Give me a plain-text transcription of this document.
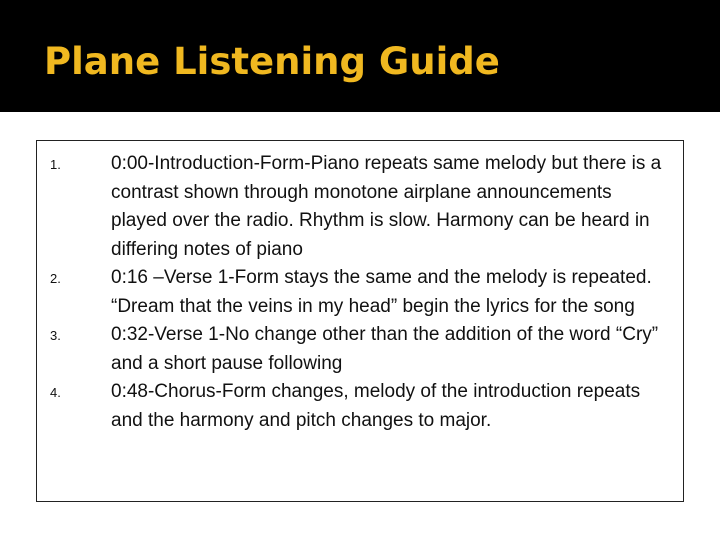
Plane Listening Guide
1.	0:00-Introduction-Form-Piano repeats same melody but there is a contrast shown through monotone airplane announcements played over the radio. Rhythm is slow. Harmony can be heard in differing notes of piano
2.	0:16 –Verse 1-Form stays the same and the melody is repeated. “Dream that the veins in my head” begin the lyrics for the song
3.	0:32-Verse 1-No change other than the addition of the word “Cry” and a short pause following
4.	0:48-Chorus-Form changes, melody of the introduction repeats and the harmony and pitch changes to major.
